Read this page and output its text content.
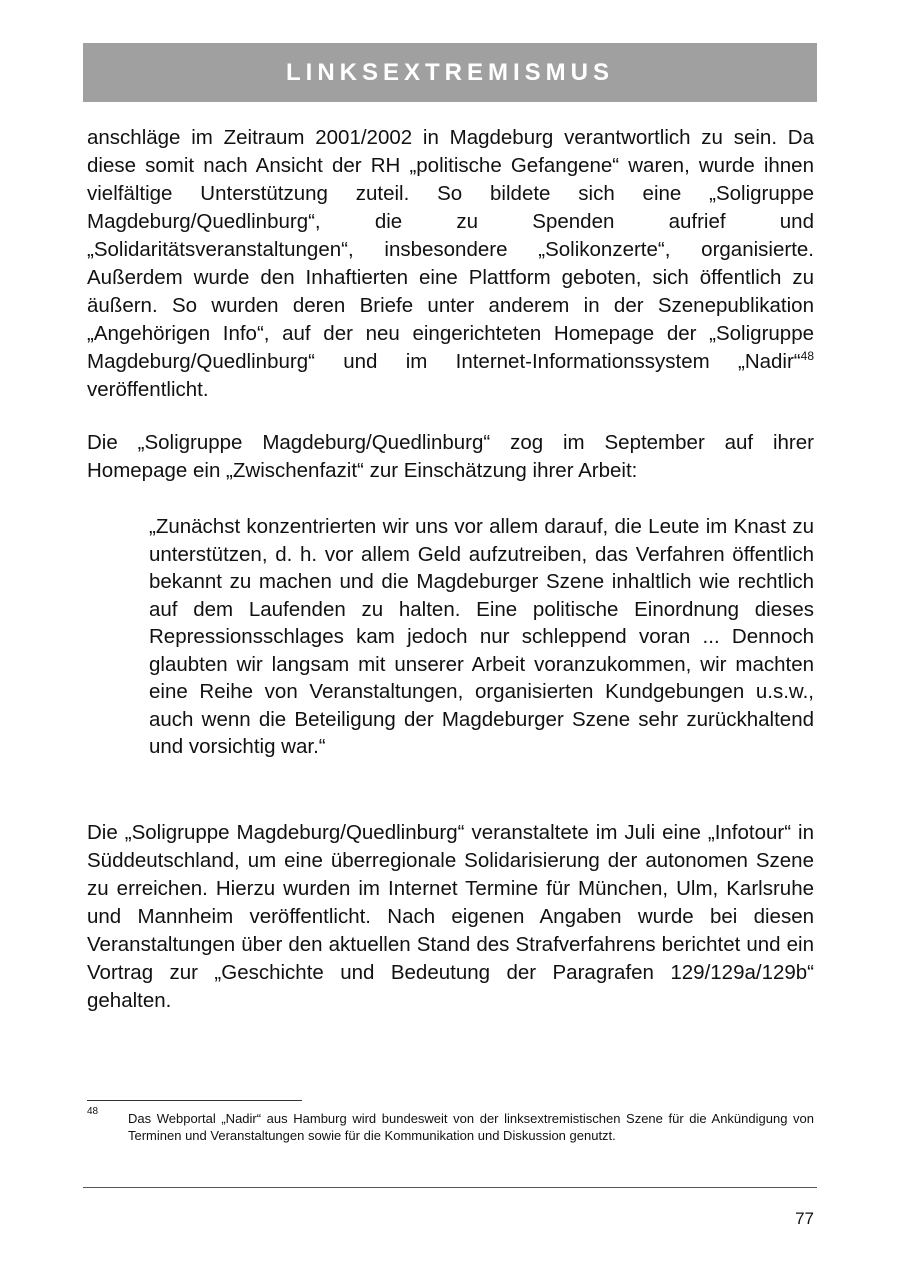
LINKSEXTREMISMUS

anschläge im Zeitraum 2001/2002 in Magdeburg verantwortlich zu sein. Da diese somit nach Ansicht der RH „politische Gefangene“ waren, wurde ihnen vielfältige Unterstützung zuteil. So bildete sich eine „Soligruppe Magdeburg/Quedlinburg“, die zu Spenden aufrief und „Solidaritätsveranstaltungen“, insbesondere „Solikonzerte“, organisierte. Außerdem wurde den Inhaftierten eine Plattform geboten, sich öffentlich zu äußern. So wurden deren Briefe unter anderem in der Szenepublikation „Angehörigen Info“, auf der neu eingerichteten Homepage der „Soligruppe Magdeburg/Quedlinburg“ und im Internet-Informationssystem „Nadir“$^{48}$ veröffentlicht.

Die „Soligruppe Magdeburg/Quedlinburg“ zog im September auf ihrer Homepage ein „Zwischenfazit“ zur Einschätzung ihrer Arbeit:

„Zunächst konzentrierten wir uns vor allem darauf, die Leute im Knast zu unterstützen, d. h. vor allem Geld aufzutreiben, das Verfahren öffentlich bekannt zu machen und die Magdeburger Szene inhaltlich wie rechtlich auf dem Laufenden zu halten. Eine politische Einordnung dieses Repressionsschlages kam jedoch nur schleppend voran ... Dennoch glaubten wir langsam mit unserer Arbeit voranzukommen, wir machten eine Reihe von Veranstaltungen, organisierten Kundgebungen u.s.w., auch wenn die Beteiligung der Magdeburger Szene sehr zurückhaltend und vorsichtig war.“

Die „Soligruppe Magdeburg/Quedlinburg“ veranstaltete im Juli eine „Infotour“ in Süddeutschland, um eine überregionale Solidarisierung der autonomen Szene zu erreichen. Hierzu wurden im Internet Termine für München, Ulm, Karlsruhe und Mannheim veröffentlicht. Nach eigenen Angaben wurde bei diesen Veranstaltungen über den aktuellen Stand des Strafverfahrens berichtet und ein Vortrag zur „Geschichte und Bedeutung der Paragrafen 129/129a/129b“ gehalten.

48 Das Webportal „Nadir“ aus Hamburg wird bundesweit von der linksextremistischen Szene für die Ankündigung von Terminen und Veranstaltungen sowie für die Kommunikation und Diskussion genutzt.

77
